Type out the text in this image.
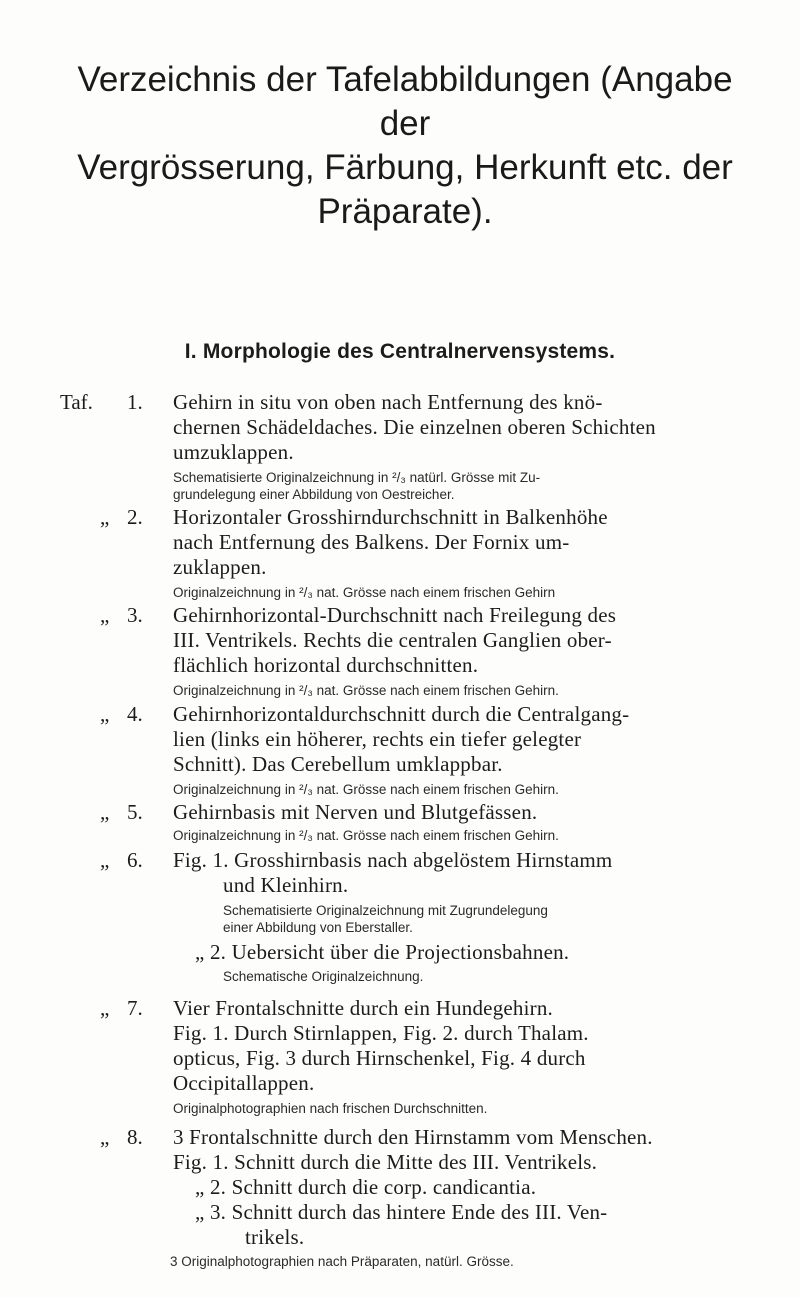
Verzeichnis der Tafelabbildungen (Angabe der
Vergrösserung, Färbung, Herkunft etc. der
Präparate).
I. Morphologie des Centralnervensystems.
Taf. 1. Gehirn in situ von oben nach Entfernung des knö-
chernen Schädeldaches. Die einzelnen oberen Schichten
umzuklappen.
Schematisierte Originalzeichnung in ²/₃ natürl. Grösse mit Zu-
grundelegung einer Abbildung von Oestreicher.
„ 2. Horizontaler Grosshirndurchschnitt in Balkenhöhe
nach Entfernung des Balkens. Der Fornix um-
zuklappen.
Originalzeichnung in ²/₃ nat. Grösse nach einem frischen Gehirn
„ 3. Gehirnhorizontal-Durchschnitt nach Freilegung des
III. Ventrikels. Rechts die centralen Ganglien ober-
flächlich horizontal durchschnitten.
Originalzeichnung in ²/₃ nat. Grösse nach einem frischen Gehirn.
„ 4. Gehirnhorizontaldurchschnitt durch die Centralgang-
lien (links ein höherer, rechts ein tiefer gelegter
Schnitt). Das Cerebellum umklappbar.
Originalzeichnung in ²/₃ nat. Grösse nach einem frischen Gehirn.
„ 5. Gehirnbasis mit Nerven und Blutgefässen.
Originalzeichnung in ²/₃ nat. Grösse nach einem frischen Gehirn.
„ 6. Fig. 1. Grosshirnbasis nach abgelöstem Hirnstamm
und Kleinhirn.
Schematisierte Originalzeichnung mit Zugrundelegung
einer Abbildung von Eberstaller.
„ 2. Uebersicht über die Projectionsbahnen.
Schematische Originalzeichnung.
„ 7. Vier Frontalschnitte durch ein Hundegehirn.
Fig. 1. Durch Stirnlappen, Fig. 2. durch Thalam.
opticus, Fig. 3 durch Hirnschenkel, Fig. 4 durch
Occipitallappen.
Originalphotographien nach frischen Durchschnitten.
„ 8. 3 Frontalschnitte durch den Hirnstamm vom Menschen.
Fig. 1. Schnitt durch die Mitte des III. Ventrikels.
„ 2. Schnitt durch die corp. candicantia.
„ 3. Schnitt durch das hintere Ende des III. Ven-
trikels.
3 Originalphotographien nach Präparaten, natürl. Grösse.
